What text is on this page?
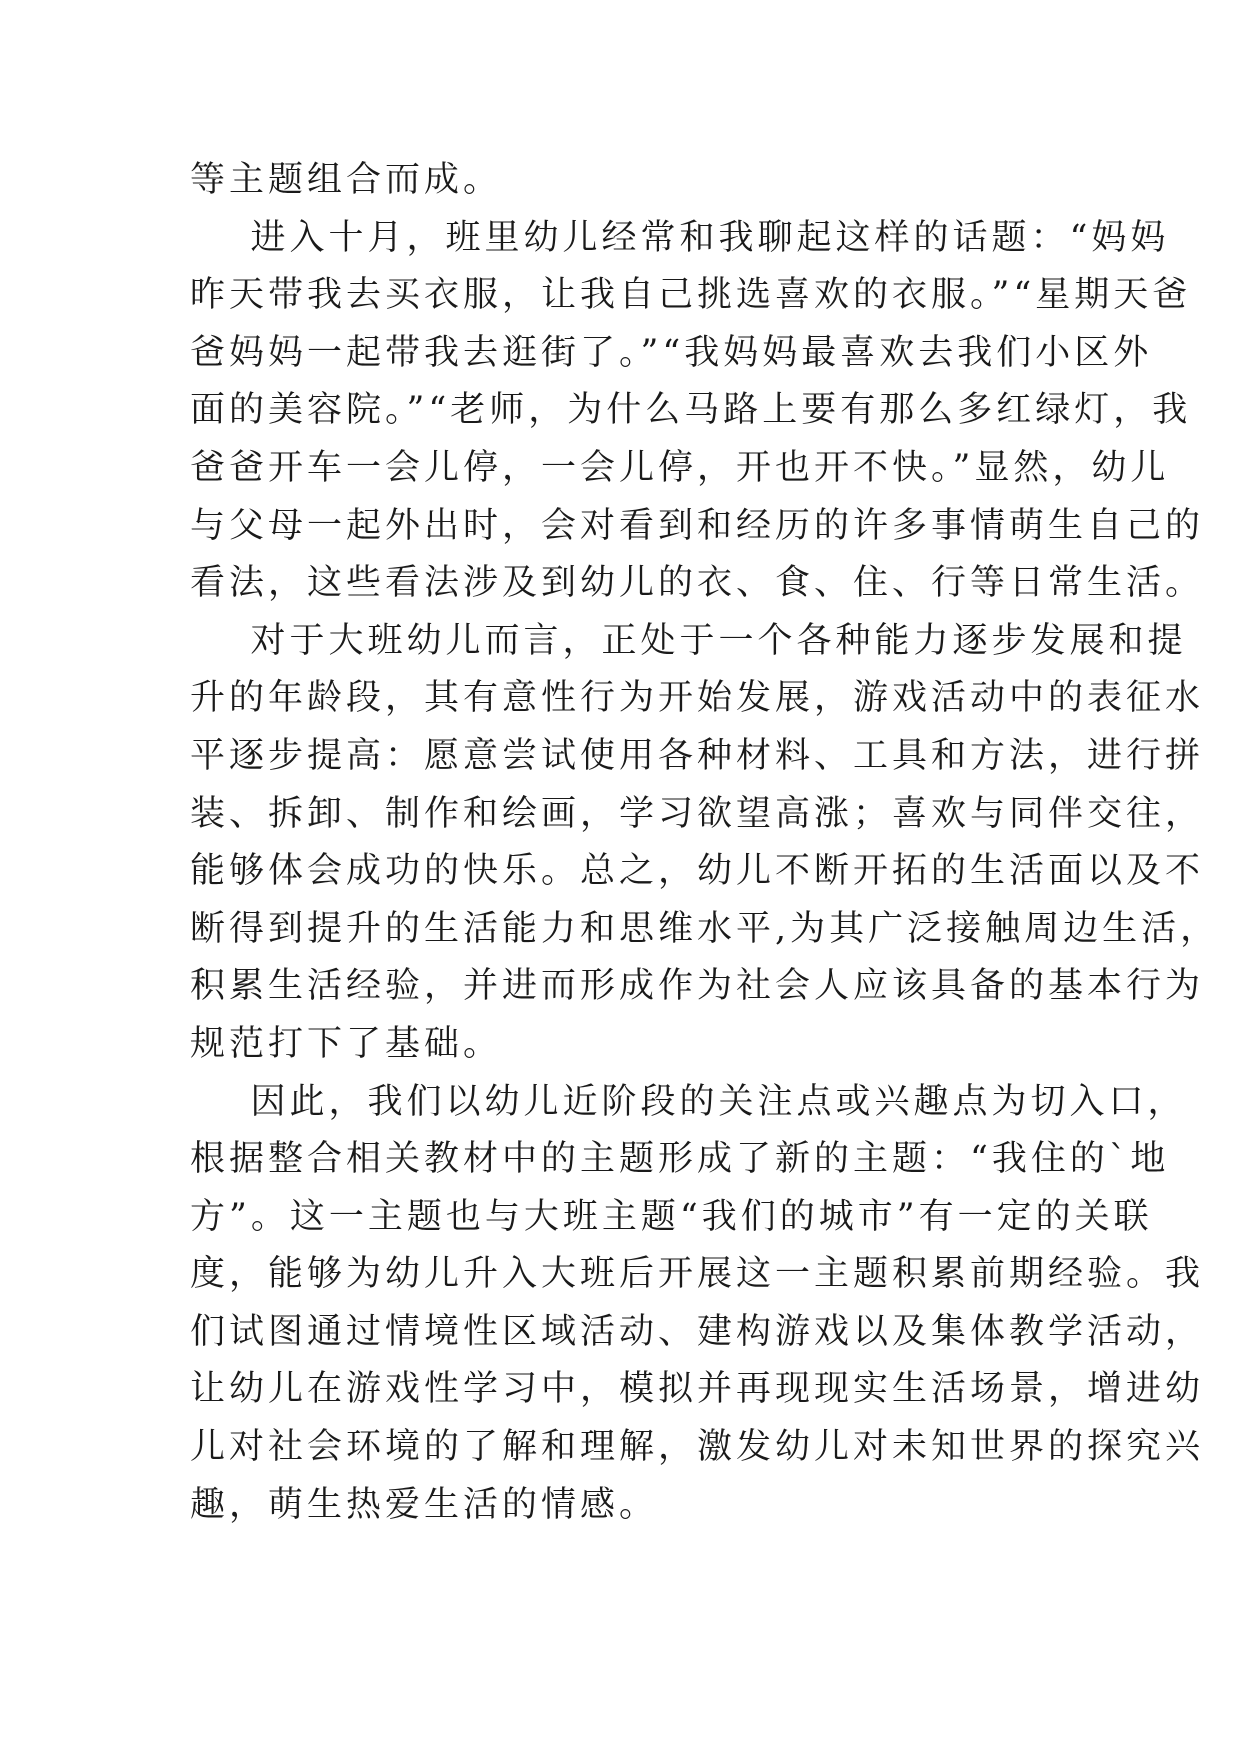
等主题组合而成。
进入十月，班里幼儿经常和我聊起这样的话题：“妈妈
昨天带我去买衣服，让我自己挑选喜欢的衣服。”“星期天爸
爸妈妈一起带我去逛街了。”“我妈妈最喜欢去我们小区外
面的美容院。”“老师，为什么马路上要有那么多红绿灯，我
爸爸开车一会儿停，一会儿停，开也开不快。”显然，幼儿
与父母一起外出时，会对看到和经历的许多事情萌生自己的
看法，这些看法涉及到幼儿的衣、食、住、行等日常生活。
对于大班幼儿而言，正处于一个各种能力逐步发展和提
升的年龄段，其有意性行为开始发展，游戏活动中的表征水
平逐步提高：愿意尝试使用各种材料、工具和方法，进行拼
装、拆卸、制作和绘画，学习欲望高涨；喜欢与同伴交往，
能够体会成功的快乐。总之，幼儿不断开拓的生活面以及不
断得到提升的生活能力和思维水平,为其广泛接触周边生活，
积累生活经验，并进而形成作为社会人应该具备的基本行为
规范打下了基础。
因此，我们以幼儿近阶段的关注点或兴趣点为切入口，
根据整合相关教材中的主题形成了新的主题：“我住的`地
方”。这一主题也与大班主题“我们的城市”有一定的关联
度，能够为幼儿升入大班后开展这一主题积累前期经验。我
们试图通过情境性区域活动、建构游戏以及集体教学活动，
让幼儿在游戏性学习中，模拟并再现现实生活场景，增进幼
儿对社会环境的了解和理解，激发幼儿对未知世界的探究兴
趣，萌生热爱生活的情感。
